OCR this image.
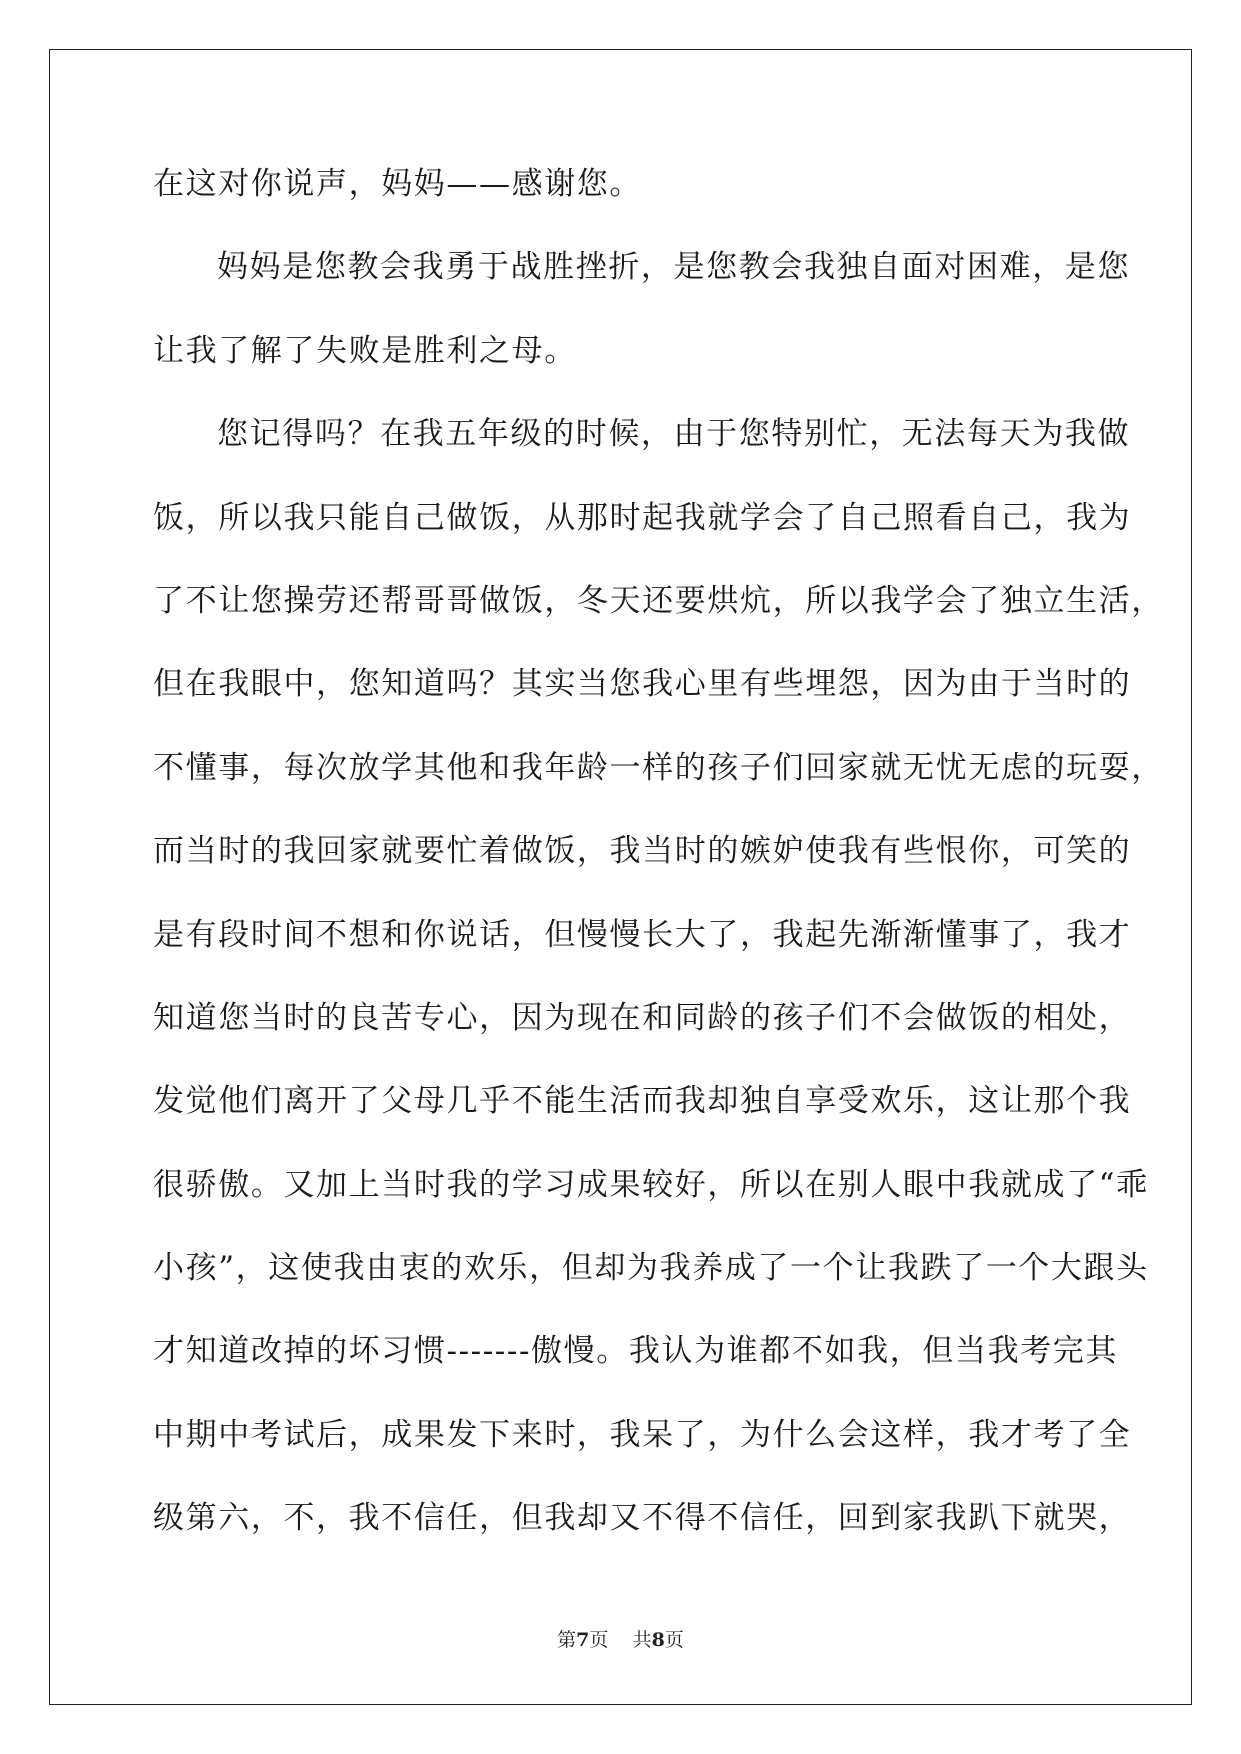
在这对你说声，妈妈——感谢您。
妈 妈 是 您 教 会 我 勇 于 战 胜 挫 折 ， 是 您 教 会 我 独 自 面 对 困 难 ， 是 您
让我了解了失败是胜利之母。
您 记 得 吗 ？ 在 我 五 年 级 的 时 候 ， 由 于 您 特 别 忙 ， 无 法 每 天 为 我 做
饭 ， 所 以 我 只 能 自 己 做 饭 ， 从 那 时 起 我 就 学 会 了 自 己 照 看 自 己 ， 我 为
了 不 让 您 操 劳 还 帮 哥 哥 做 饭 ， 冬 天 还 要 烘 炕 ， 所 以 我 学 会 了 独 立 生 活 ，
但 在 我 眼 中 ， 您 知 道 吗 ？ 其 实 当 您 我 心 里 有 些 埋 怨 ， 因 为 由 于 当 时 的
不 懂 事 ， 每 次 放 学 其 他 和 我 年 龄 一 样 的 孩 子 们 回 家 就 无 忧 无 虑 的 玩 耍 ，
而 当 时 的 我 回 家 就 要 忙 着 做 饭 ， 我 当 时 的 嫉 妒 使 我 有 些 恨 你 ， 可 笑 的
是 有 段 时 间 不 想 和 你 说 话 ， 但 慢 慢 长 大 了 ， 我 起 先 渐 渐 懂 事 了 ， 我 才
知 道 您 当 时 的 良 苦 专 心 ， 因 为 现 在 和 同 龄 的 孩 子 们 不 会 做 饭 的 相 处 ，
发 觉 他 们 离 开 了 父 母 几 乎 不 能 生 活 而 我 却 独 自 享 受 欢 乐 ， 这 让 那 个 我
很 骄 傲 。 又 加 上 当 时 我 的 学 习 成 果 较 好 ， 所 以 在 别 人 眼 中 我 就 成 了 “ 乖
小 孩 ” ， 这 使 我 由 衷 的 欢 乐 ， 但 却 为 我 养 成 了 一 个 让 我 跌 了 一 个 大 跟 头
才 知 道 改 掉 的 坏 习 惯 - - - - - - - 傲 慢 。 我 认 为 谁 都 不 如 我 ， 但 当 我 考 完 其
中 期 中 考 试 后 ， 成 果 发 下 来 时 ， 我 呆 了 ， 为 什 么 会 这 样 ， 我 才 考 了 全
级 第 六 ， 不 ， 我 不 信 任 ， 但 我 却 又 不 得 不 信 任 ， 回 到 家 我 趴 下 就 哭 ，
第7页    共8页
